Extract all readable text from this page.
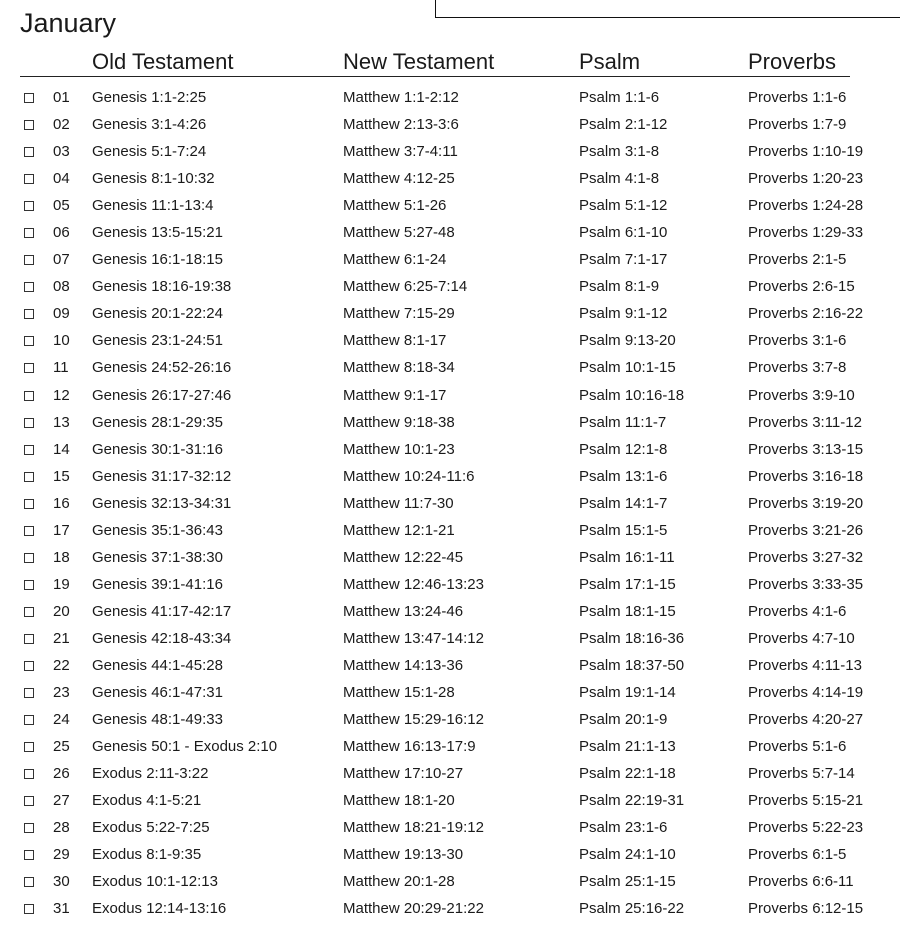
January
Old Testament	New Testament	Psalm	Proverbs
01 Genesis 1:1-2:25	Matthew 1:1-2:12	Psalm 1:1-6	Proverbs 1:1-6
02 Genesis 3:1-4:26	Matthew 2:13-3:6	Psalm 2:1-12	Proverbs 1:7-9
03 Genesis 5:1-7:24	Matthew 3:7-4:11	Psalm 3:1-8	Proverbs 1:10-19
04 Genesis 8:1-10:32	Matthew 4:12-25	Psalm 4:1-8	Proverbs 1:20-23
05 Genesis 11:1-13:4	Matthew 5:1-26	Psalm 5:1-12	Proverbs 1:24-28
06 Genesis 13:5-15:21	Matthew 5:27-48	Psalm 6:1-10	Proverbs 1:29-33
07 Genesis 16:1-18:15	Matthew 6:1-24	Psalm 7:1-17	Proverbs 2:1-5
08 Genesis 18:16-19:38	Matthew 6:25-7:14	Psalm 8:1-9	Proverbs 2:6-15
09 Genesis 20:1-22:24	Matthew 7:15-29	Psalm 9:1-12	Proverbs 2:16-22
10 Genesis 23:1-24:51	Matthew 8:1-17	Psalm 9:13-20	Proverbs 3:1-6
11 Genesis 24:52-26:16	Matthew 8:18-34	Psalm 10:1-15	Proverbs 3:7-8
12 Genesis 26:17-27:46	Matthew 9:1-17	Psalm 10:16-18	Proverbs 3:9-10
13 Genesis 28:1-29:35	Matthew 9:18-38	Psalm 11:1-7	Proverbs 3:11-12
14 Genesis 30:1-31:16	Matthew 10:1-23	Psalm 12:1-8	Proverbs 3:13-15
15 Genesis 31:17-32:12	Matthew 10:24-11:6	Psalm 13:1-6	Proverbs 3:16-18
16 Genesis 32:13-34:31	Matthew 11:7-30	Psalm 14:1-7	Proverbs 3:19-20
17 Genesis 35:1-36:43	Matthew 12:1-21	Psalm 15:1-5	Proverbs 3:21-26
18 Genesis 37:1-38:30	Matthew 12:22-45	Psalm 16:1-11	Proverbs 3:27-32
19 Genesis 39:1-41:16	Matthew 12:46-13:23	Psalm 17:1-15	Proverbs 3:33-35
20 Genesis 41:17-42:17	Matthew 13:24-46	Psalm 18:1-15	Proverbs 4:1-6
21 Genesis 42:18-43:34	Matthew 13:47-14:12	Psalm 18:16-36	Proverbs 4:7-10
22 Genesis 44:1-45:28	Matthew 14:13-36	Psalm 18:37-50	Proverbs 4:11-13
23 Genesis 46:1-47:31	Matthew 15:1-28	Psalm 19:1-14	Proverbs 4:14-19
24 Genesis 48:1-49:33	Matthew 15:29-16:12	Psalm 20:1-9	Proverbs 4:20-27
25 Genesis 50:1 - Exodus 2:10	Matthew 16:13-17:9	Psalm 21:1-13	Proverbs 5:1-6
26 Exodus 2:11-3:22	Matthew 17:10-27	Psalm 22:1-18	Proverbs 5:7-14
27 Exodus 4:1-5:21	Matthew 18:1-20	Psalm 22:19-31	Proverbs 5:15-21
28 Exodus 5:22-7:25	Matthew 18:21-19:12	Psalm 23:1-6	Proverbs 5:22-23
29 Exodus 8:1-9:35	Matthew 19:13-30	Psalm 24:1-10	Proverbs 6:1-5
30 Exodus 10:1-12:13	Matthew 20:1-28	Psalm 25:1-15	Proverbs 6:6-11
31 Exodus 12:14-13:16	Matthew 20:29-21:22	Psalm 25:16-22	Proverbs 6:12-15
